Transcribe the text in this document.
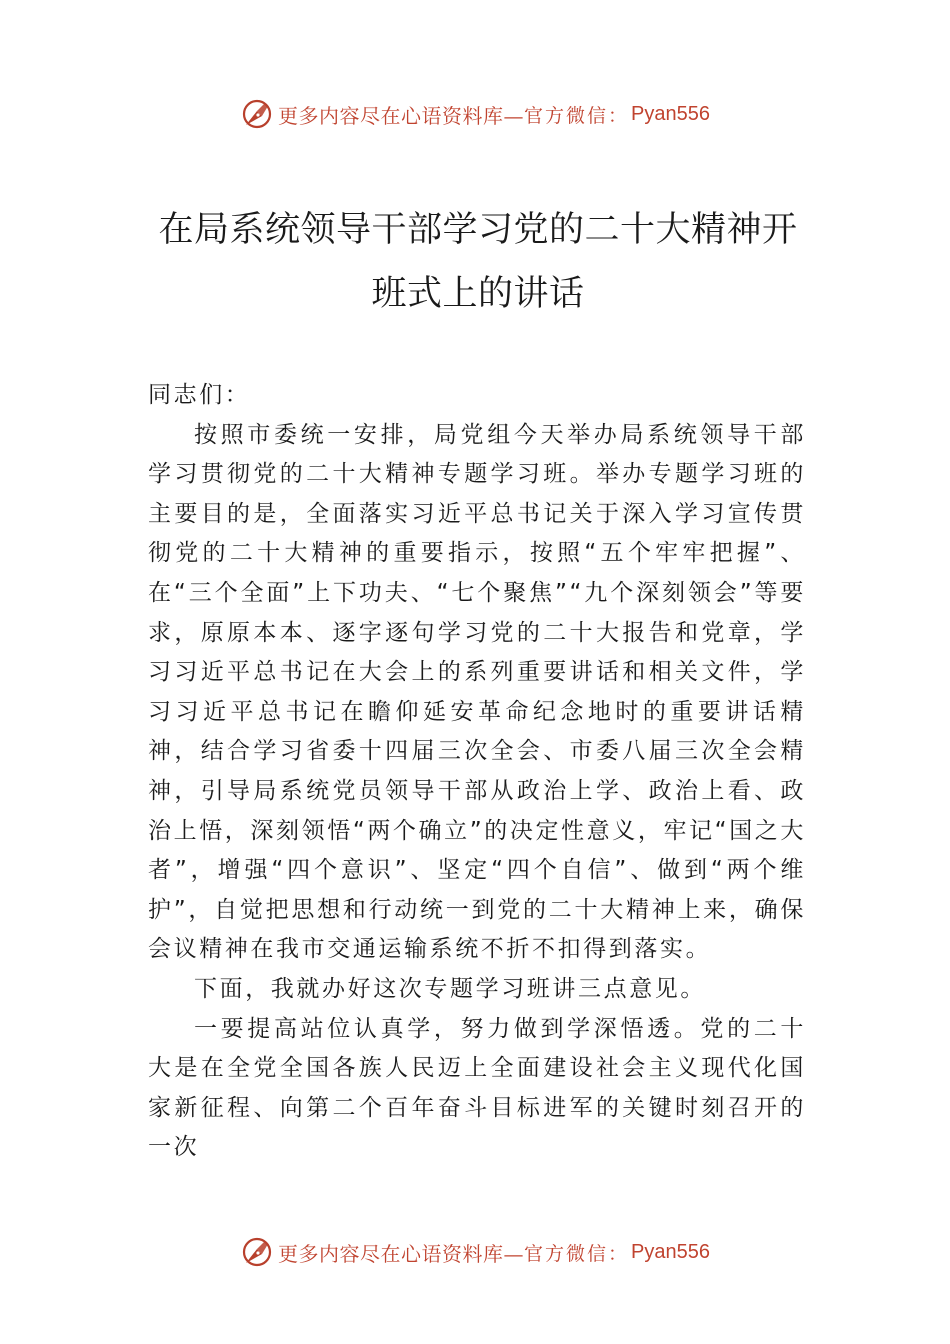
更多内容尽在心语资料库— 官方微信： Pyan556
在局系统领导干部学习党的二十大精神开班式上的讲话

同志们：

按照市委统一安排，局党组今天举办局系统领导干部学习贯彻党的二十大精神专题学习班。举办专题学习班的主要目的是，全面落实习近平总书记关于深入学习宣传贯彻党的二十大精神的重要指示，按照“五个牢牢把握”、在“三个全面”上下功夫、“七个聚焦”“九个深刻领会”等要求，原原本本、逐字逐句学习党的二十大报告和党章，学习习近平总书记在大会上的系列重要讲话和相关文件，学习习近平总书记在瞻仰延安革命纪念地时的重要讲话精神，结合学习省委十四届三次全会、市委八届三次全会精神，引导局系统党员领导干部从政治上学、政治上看、政治上悟，深刻领悟“两个确立”的决定性意义，牢记“国之大者”，增强“四个意识”、坚定“四个自信”、做到“两个维护”，自觉把思想和行动统一到党的二十大精神上来，确保会议精神在我市交通运输系统不折不扣得到落实。

下面，我就办好这次专题学习班讲三点意见。

一要提高站位认真学，努力做到学深悟透。党的二十大是在全党全国各族人民迈上全面建设社会主义现代化国家新征程、向第二个百年奋斗目标进军的关键时刻召开的一次

更多内容尽在心语资料库— 官方微信： Pyan556
